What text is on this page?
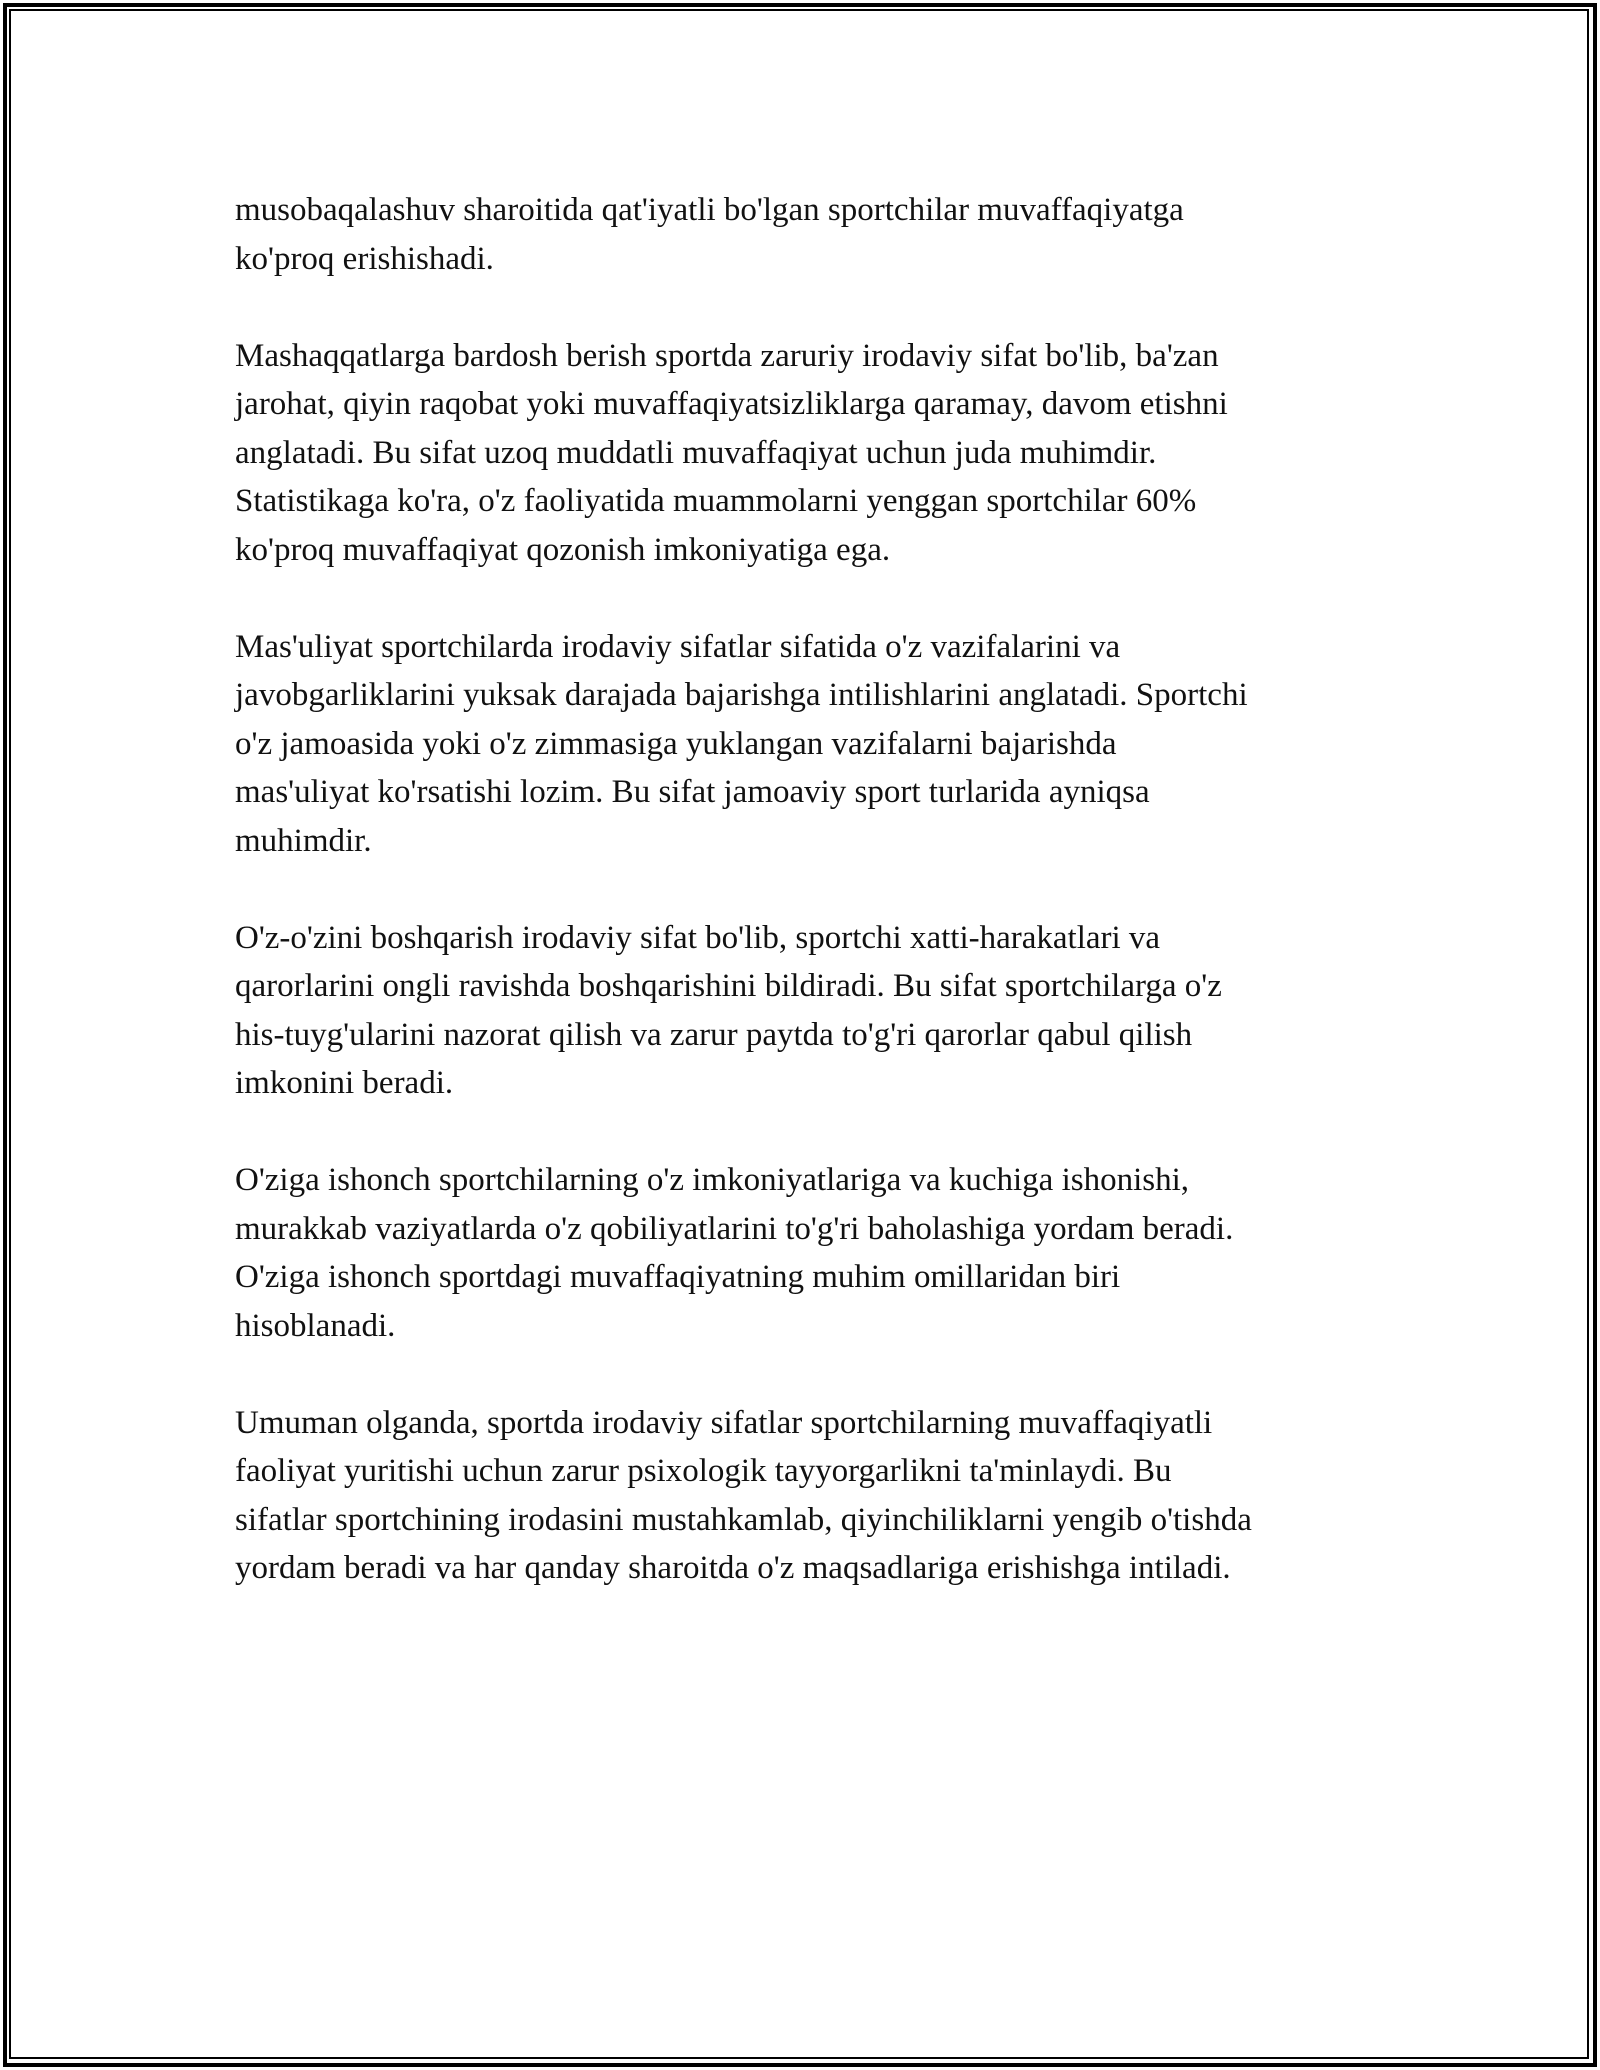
musobaqalashuv sharoitida qat'iyatli bo'lgan sportchilar muvaffaqiyatga
ko'proq erishishadi.

Mashaqqatlarga bardosh berish sportda zaruriy irodaviy sifat bo'lib, ba'zan
jarohat, qiyin raqobat yoki muvaffaqiyatsizliklarga qaramay, davom etishni
anglatadi. Bu sifat uzoq muddatli muvaffaqiyat uchun juda muhimdir.
Statistikaga ko'ra, o'z faoliyatida muammolarni yenggan sportchilar 60%
ko'proq muvaffaqiyat qozonish imkoniyatiga ega.

Mas'uliyat sportchilarda irodaviy sifatlar sifatida o'z vazifalarini va
javobgarliklarini yuksak darajada bajarishga intilishlarini anglatadi. Sportchi
o'z jamoasida yoki o'z zimmasiga yuklangan vazifalarni bajarishda
mas'uliyat ko'rsatishi lozim. Bu sifat jamoaviy sport turlarida ayniqsa
muhimdir.

O'z-o'zini boshqarish irodaviy sifat bo'lib, sportchi xatti-harakatlari va
qarorlarini ongli ravishda boshqarishini bildiradi. Bu sifat sportchilarga o'z
his-tuyg'ularini nazorat qilish va zarur paytda to'g'ri qarorlar qabul qilish
imkonini beradi.

O'ziga ishonch sportchilarning o'z imkoniyatlariga va kuchiga ishonishi,
murakkab vaziyatlarda o'z qobiliyatlarini to'g'ri baholashiga yordam beradi.
O'ziga ishonch sportdagi muvaffaqiyatning muhim omillaridan biri
hisoblanadi.

Umuman olganda, sportda irodaviy sifatlar sportchilarning muvaffaqiyatli
faoliyat yuritishi uchun zarur psixologik tayyorgarlikni ta'minlaydi. Bu
sifatlar sportchining irodasini mustahkamlab, qiyinchiliklarni yengib o'tishda
yordam beradi va har qanday sharoitda o'z maqsadlariga erishishga intiladi.
